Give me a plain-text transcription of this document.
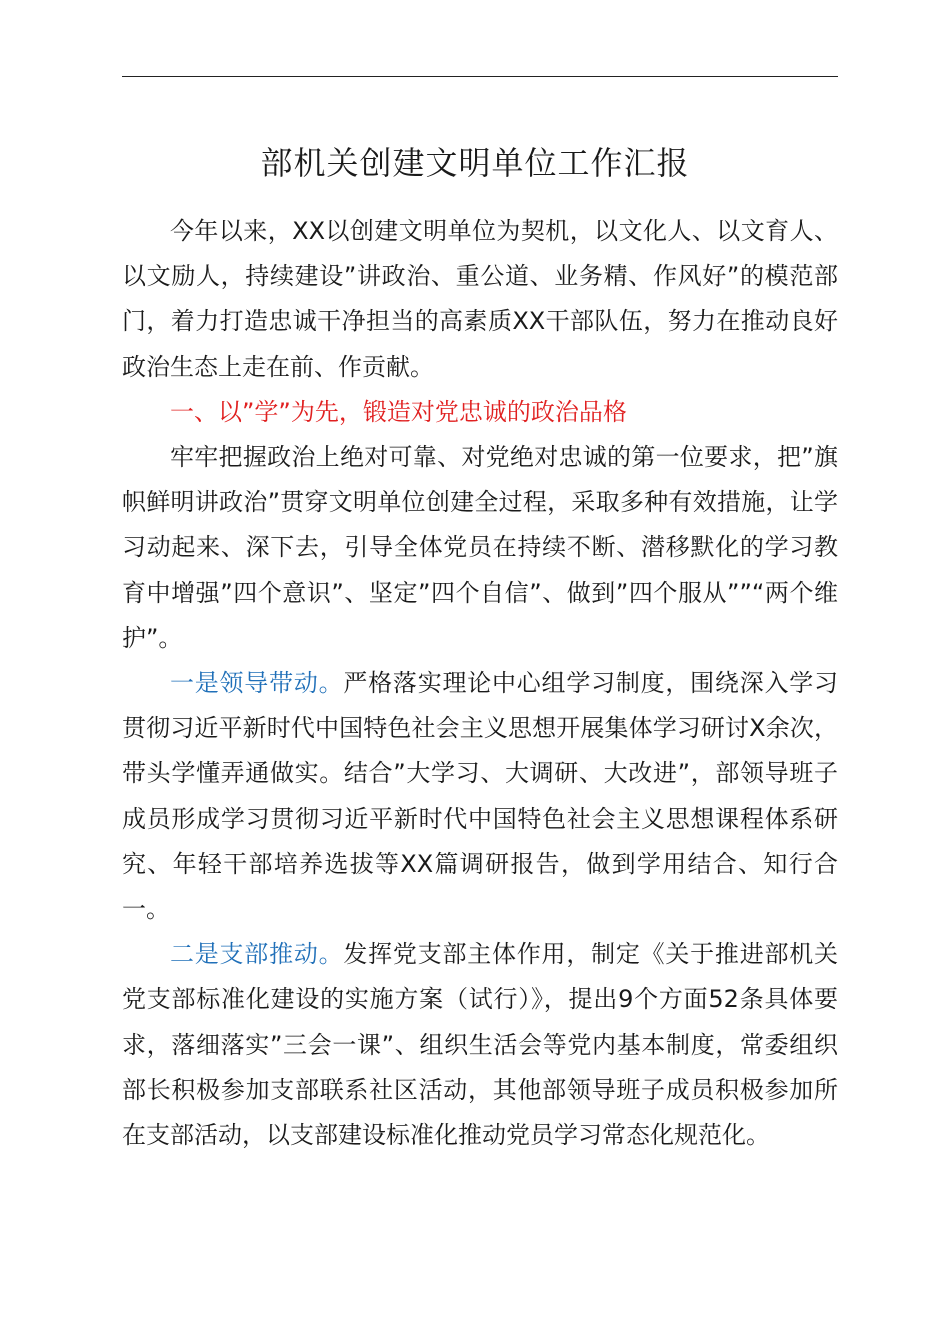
部机关创建文明单位工作汇报

今年以来，XX以创建文明单位为契机，以文化人、以文育人、以文励人，持续建设”讲政治、重公道、业务精、作风好”的模范部门，着力打造忠诚干净担当的高素质XX干部队伍，努力在推动良好政治生态上走在前、作贡献。

一、以”学”为先，锻造对党忠诚的政治品格

牢牢把握政治上绝对可靠、对党绝对忠诚的第一位要求，把”旗帜鲜明讲政治”贯穿文明单位创建全过程，采取多种有效措施，让学习动起来、深下去，引导全体党员在持续不断、潜移默化的学习教育中增强”四个意识”、坚定”四个自信”、做到”四个服从””“两个维护”。

一是领导带动。严格落实理论中心组学习制度，围绕深入学习贯彻习近平新时代中国特色社会主义思想开展集体学习研讨X余次，带头学懂弄通做实。结合”大学习、大调研、大改进”，部领导班子成员形成学习贯彻习近平新时代中国特色社会主义思想课程体系研究、年轻干部培养选拔等XX篇调研报告，做到学用结合、知行合一。

二是支部推动。发挥党支部主体作用，制定《关于推进部机关党支部标准化建设的实施方案（试行）》，提出9个方面52条具体要求，落细落实”三会一课”、组织生活会等党内基本制度，常委组织部长积极参加支部联系社区活动，其他部领导班子成员积极参加所在支部活动，以支部建设标准化推动党员学习常态化规范化。
